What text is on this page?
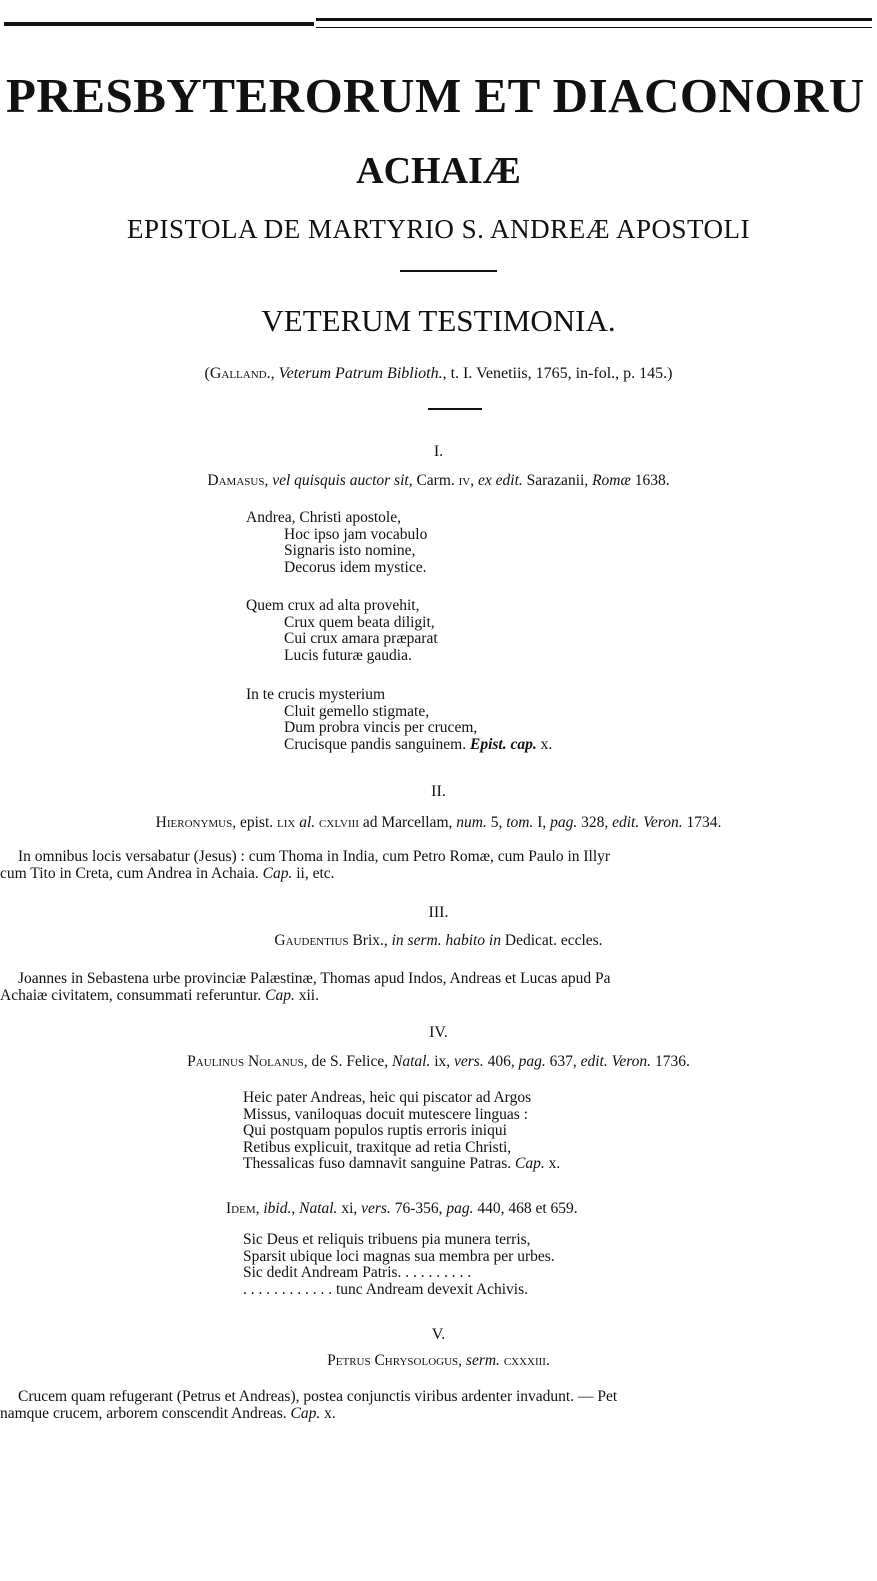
PRESBYTERORUM ET DIACONORU
ACHAIÆ
EPISTOLA DE MARTYRIO S. ANDREÆ APOSTOLI
VETERUM TESTIMONIA.
(Galland., Veterum Patrum Biblioth., t. I. Venetiis, 1765, in-fol., p. 145.)
I.
Damasus, vel quisquis auctor sit, Carm. iv, ex edit. Sarazanii, Romæ 1638.
Andrea, Christi apostole,
Hoc ipso jam vocabulo
Signaris isto nomine,
Decorus idem mystice.
Quem crux ad alta provehit,
Crux quem beata diligit,
Cui crux amara præparat
Lucis futuræ gaudia.
In te crucis mysterium
Cluit gemello stigmate,
Dum probra vincis per crucem,
Crucisque pandis sanguinem. Epist. cap. x.
II.
Hieronymus, epist. lix al. cxlviii ad Marcellam, num. 5, tom. I, pag. 328, edit. Veron. 1734.
In omnibus locis versabatur (Jesus) : cum Thoma in India, cum Petro Romæ, cum Paulo in Illyr
cum Tito in Creta, cum Andrea in Achaia. Cap. ii, etc.
III.
Gaudentius Brix., in serm. habito in Dedicat. eccles.
Joannes in Sebastena urbe provinciæ Palæstinæ, Thomas apud Indos, Andreas et Lucas apud Pa
Achaiæ civitatem, consummati referuntur. Cap. xii.
IV.
Paulinus Nolanus, de S. Felice, Natal. ix, vers. 406, pag. 637, edit. Veron. 1736.
Heic pater Andreas, heic qui piscator ad Argos
Missus, vaniloquas docuit mutescere linguas :
Qui postquam populos ruptis erroris iniqui
Retibus explicuit, traxitque ad retia Christi,
Thessalicas fuso damnavit sanguine Patras. Cap. x.
Idem, ibid., Natal. xi, vers. 76-356, pag. 440, 468 et 659.
Sic Deus et reliquis tribuens pia munera terris,
Sparsit ubique loci magnas sua membra per urbes.
Sic dedit Andream Patris. . . . . . . . . .
. . . . . . . . . . . . tunc Andream devexit Achivis.
V.
Petrus Chrysologus, serm. cxxxiii.
Crucem quam refugerant (Petrus et Andreas), postea conjunctis viribus ardenter invadunt. — Pet
namque crucem, arborem conscendit Andreas. Cap. x.
